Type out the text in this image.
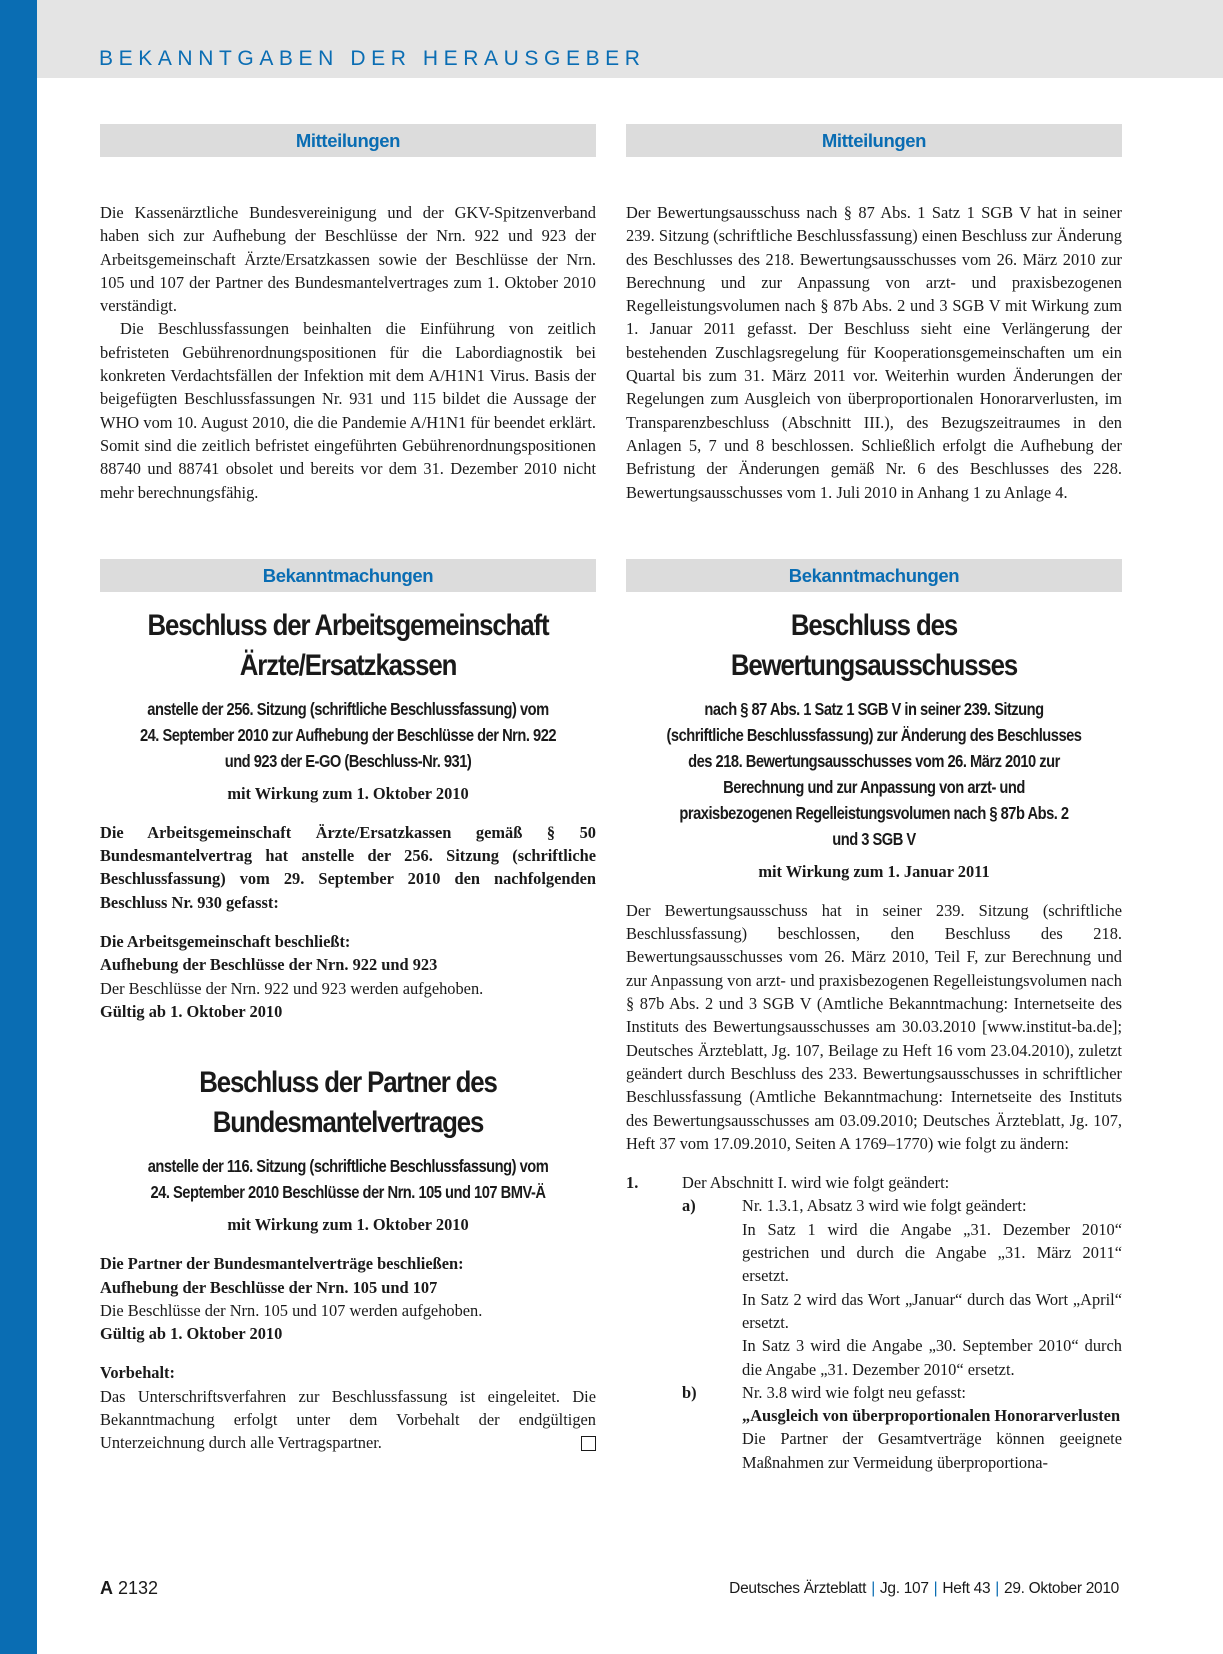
BEKANNTGABEN DER HERAUSGEBER
Mitteilungen

Die Kassenärztliche Bundesvereinigung und der GKV-Spitzenverband haben sich zur Aufhebung der Beschlüsse der Nrn. 922 und 923 der Arbeitsgemeinschaft Ärzte/Ersatzkassen sowie der Beschlüsse der Nrn. 105 und 107 der Partner des Bundesmantelvertrages zum 1. Oktober 2010 verständigt.

Die Beschlussfassungen beinhalten die Einführung von zeitlich befristeten Gebührenordnungspositionen für die Labordiagnostik bei konkreten Verdachtsfällen der Infektion mit dem A/H1N1 Virus. Basis der beigefügten Beschlussfassungen Nr. 931 und 115 bildet die Aussage der WHO vom 10. August 2010, die die Pandemie A/H1N1 für beendet erklärt. Somit sind die zeitlich befristet eingeführten Gebührenordnungspositionen 88740 und 88741 obsolet und bereits vor dem 31. Dezember 2010 nicht mehr berechnungsfähig.

Bekanntmachungen
Beschluss der Arbeitsgemeinschaft
Ärzte/Ersatzkassen
anstelle der 256. Sitzung (schriftliche Beschlussfassung) vom 24. September 2010 zur Aufhebung der Beschlüsse der Nrn. 922 und 923 der E-GO (Beschluss-Nr. 931)
mit Wirkung zum 1. Oktober 2010

Die Arbeitsgemeinschaft Ärzte/Ersatzkassen gemäß § 50 Bundesmantelvertrag hat anstelle der 256. Sitzung (schriftliche Beschlussfassung) vom 29. September 2010 den nachfolgenden Beschluss Nr. 930 gefasst:

Die Arbeitsgemeinschaft beschließt:

Aufhebung der Beschlüsse der Nrn. 922 und 923

Der Beschlüsse der Nrn. 922 und 923 werden aufgehoben.

Gültig ab 1. Oktober 2010

Beschluss der Partner des
Bundesmantelvertrages
anstelle der 116. Sitzung (schriftliche Beschlussfassung) vom 24. September 2010 Beschlüsse der Nrn. 105 und 107 BMV-Ä
mit Wirkung zum 1. Oktober 2010

Die Partner der Bundesmantelverträge beschließen:

Aufhebung der Beschlüsse der Nrn. 105 und 107

Die Beschlüsse der Nrn. 105 und 107 werden aufgehoben.

Gültig ab 1. Oktober 2010

Vorbehalt:

Das Unterschriftsverfahren zur Beschlussfassung ist eingeleitet. Die Bekanntmachung erfolgt unter dem Vorbehalt der endgültigen Unterzeichnung durch alle Vertragspartner.

Mitteilungen

Der Bewertungsausschuss nach § 87 Abs. 1 Satz 1 SGB V hat in seiner 239. Sitzung (schriftliche Beschlussfassung) einen Beschluss zur Änderung des Beschlusses des 218. Bewertungsausschusses vom 26. März 2010 zur Berechnung und zur Anpassung von arzt- und praxisbezogenen Regelleistungsvolumen nach § 87b Abs. 2 und 3 SGB V mit Wirkung zum 1. Januar 2011 gefasst. Der Beschluss sieht eine Verlängerung der bestehenden Zuschlagsregelung für Kooperationsgemeinschaften um ein Quartal bis zum 31. März 2011 vor. Weiterhin wurden Änderungen der Regelungen zum Ausgleich von überproportionalen Honorarverlusten, im Transparenzbeschluss (Abschnitt III.), des Bezugszeitraumes in den Anlagen 5, 7 und 8 beschlossen. Schließlich erfolgt die Aufhebung der Befristung der Änderungen gemäß Nr. 6 des Beschlusses des 228. Bewertungsausschusses vom 1. Juli 2010 in Anhang 1 zu Anlage 4.

Bekanntmachungen
Beschluss des
Bewertungsausschusses
nach § 87 Abs. 1 Satz 1 SGB V in seiner 239. Sitzung (schriftliche Beschlussfassung) zur Änderung des Beschlusses des 218. Bewertungsausschusses vom 26. März 2010 zur Berechnung und zur Anpassung von arzt- und praxisbezogenen Regelleistungsvolumen nach § 87b Abs. 2 und 3 SGB V
mit Wirkung zum 1. Januar 2011

Der Bewertungsausschuss hat in seiner 239. Sitzung (schriftliche Beschlussfassung) beschlossen, den Beschluss des 218. Bewertungsausschusses vom 26. März 2010, Teil F, zur Berechnung und zur Anpassung von arzt- und praxisbezogenen Regelleistungsvolumen nach § 87b Abs. 2 und 3 SGB V (Amtliche Bekanntmachung: Internetseite des Instituts des Bewertungsausschusses am 30.03.2010 [www.institut-ba.de]; Deutsches Ärzteblatt, Jg. 107, Beilage zu Heft 16 vom 23.04.2010), zuletzt geändert durch Beschluss des 233. Bewertungsausschusses in schriftlicher Beschlussfassung (Amtliche Bekanntmachung: Internetseite des Instituts des Bewertungsausschusses am 03.09.2010; Deutsches Ärzteblatt, Jg. 107, Heft 37 vom 17.09.2010, Seiten A 1769–1770) wie folgt zu ändern:

1.	Der Abschnitt I. wird wie folgt geändert:
a)	Nr. 1.3.1, Absatz 3 wird wie folgt geändert:
In Satz 1 wird die Angabe „31. Dezember 2010“ gestrichen und durch die Angabe „31. März 2011“ ersetzt.
In Satz 2 wird das Wort „Januar“ durch das Wort „April“ ersetzt.
In Satz 3 wird die Angabe „30. September 2010“ durch die Angabe „31. Dezember 2010“ ersetzt.
b)	Nr. 3.8 wird wie folgt neu gefasst:
„Ausgleich von überproportionalen Honorarverlusten
Die Partner der Gesamtverträge können geeignete Maßnahmen zur Vermeidung überproportiona-
A 2132	Deutsches Ärzteblatt | Jg. 107 | Heft 43 | 29. Oktober 2010
